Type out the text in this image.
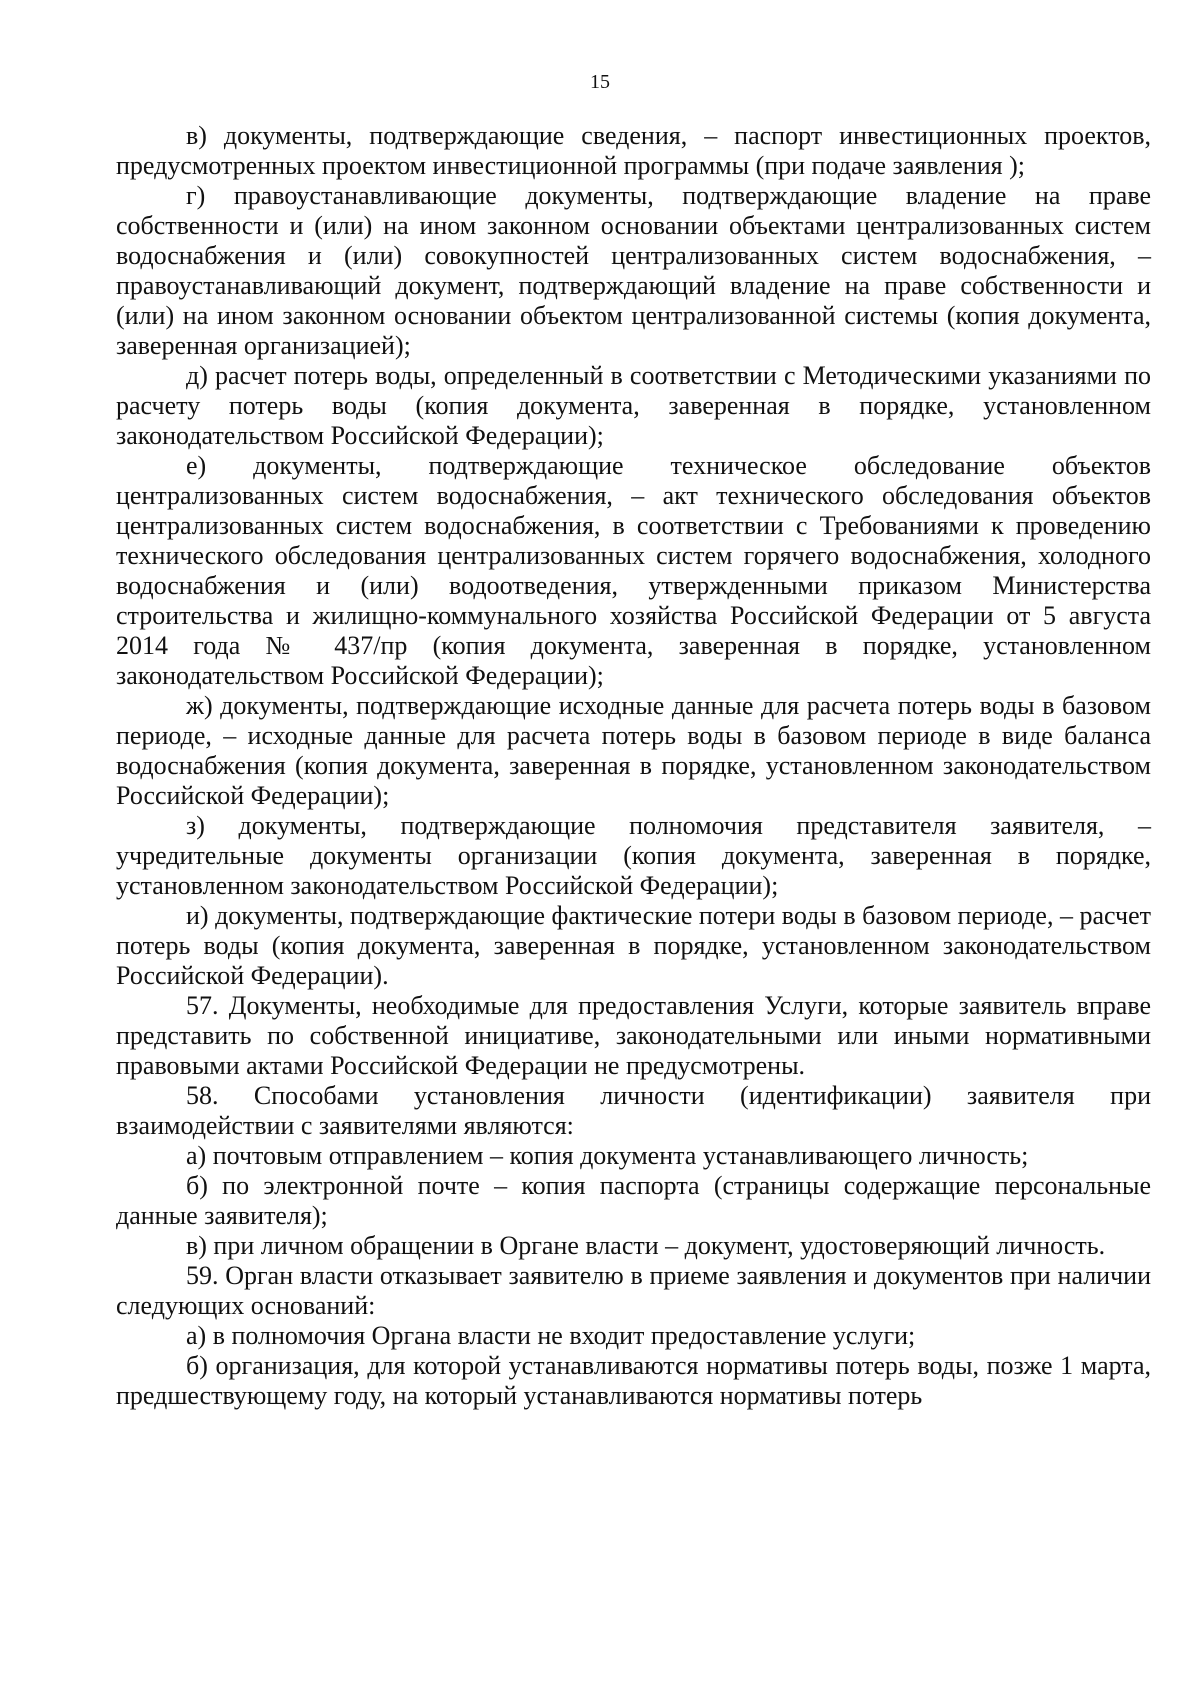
15

в) документы, подтверждающие сведения, – паспорт инвестиционных проектов, предусмотренных проектом инвестиционной программы (при подаче заявления );

г) правоустанавливающие документы, подтверждающие владение на праве собственности и (или) на ином законном основании объектами централизованных систем водоснабжения и (или) совокупностей централизованных систем водоснабжения, – правоустанавливающий документ, подтверждающий владение на праве собственности и (или) на ином законном основании объектом централизованной системы (копия документа, заверенная организацией);

д) расчет потерь воды, определенный в соответствии с Методическими указаниями по расчету потерь воды (копия документа, заверенная в порядке, установленном законодательством Российской Федерации);

е) документы, подтверждающие техническое обследование объектов централизованных систем водоснабжения, – акт технического обследования объектов централизованных систем водоснабжения, в соответствии с Требованиями к проведению технического обследования централизованных систем горячего водоснабжения, холодного водоснабжения и (или) водоотведения, утвержденными приказом Министерства строительства и жилищно-коммунального хозяйства Российской Федерации от 5 августа 2014 года № 437/пр (копия документа, заверенная в порядке, установленном законодательством Российской Федерации);

ж) документы, подтверждающие исходные данные для расчета потерь воды в базовом периоде, – исходные данные для расчета потерь воды в базовом периоде в виде баланса водоснабжения (копия документа, заверенная в порядке, установленном законодательством Российской Федерации);

з) документы, подтверждающие полномочия представителя заявителя, – учредительные документы организации (копия документа, заверенная в порядке, установленном законодательством Российской Федерации);

и) документы, подтверждающие фактические потери воды в базовом периоде, – расчет потерь воды (копия документа, заверенная в порядке, установленном законодательством Российской Федерации).

57. Документы, необходимые для предоставления Услуги, которые заявитель вправе представить по собственной инициативе, законодательными или иными нормативными правовыми актами Российской Федерации не предусмотрены.

58. Способами установления личности (идентификации) заявителя при взаимодействии с заявителями являются:

а) почтовым отправлением – копия документа устанавливающего личность;

б) по электронной почте – копия паспорта (страницы содержащие персональные данные заявителя);

в) при личном обращении в Органе власти – документ, удостоверяющий личность.

59. Орган власти отказывает заявителю в приеме заявления и документов при наличии следующих оснований:

а) в полномочия Органа власти не входит предоставление услуги;

б) организация, для которой устанавливаются нормативы потерь воды, позже 1 марта, предшествующему году, на который устанавливаются нормативы потерь
